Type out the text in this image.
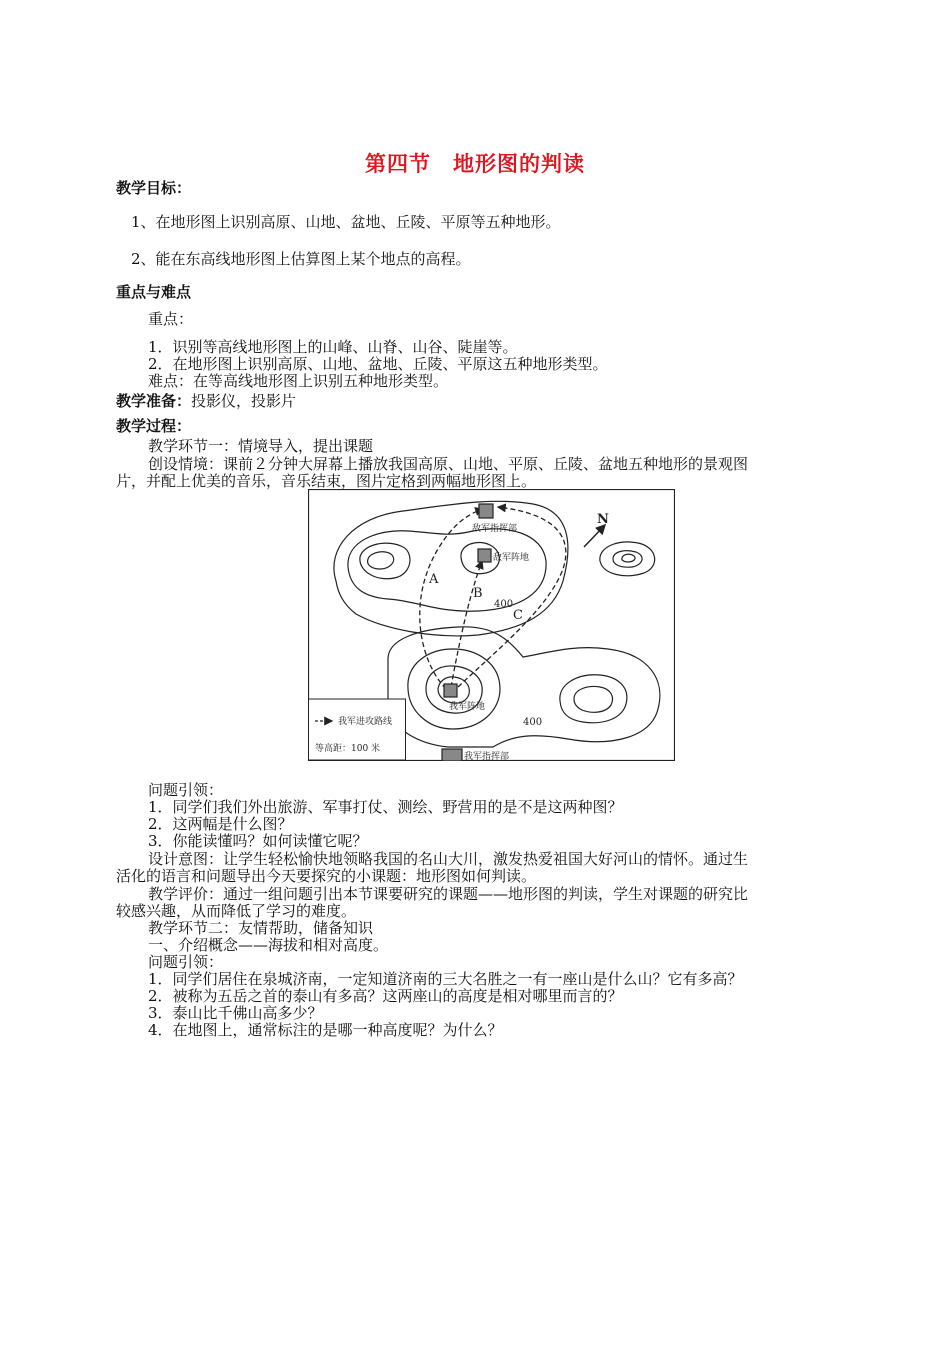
第四节　地形图的判读
教学目标：
1、在地形图上识别高原、山地、盆地、丘陵、平原等五种地形。
2、能在东高线地形图上估算图上某个地点的高程。
重点与难点
重点：
1．识别等高线地形图上的山峰、山脊、山谷、陡崖等。
2．在地形图上识别高原、山地、盆地、丘陵、平原这五种地形类型。
难点：在等高线地形图上识别五种地形类型。
教学准备：投影仪，投影片
教学过程：
教学环节一：情境导入，提出课题
创设情境：课前２分钟大屏幕上播放我国高原、山地、平原、丘陵、盆地五种地形的景观图
片，并配上优美的音乐，音乐结束，图片定格到两幅地形图上。
敌军指挥部
敌军阵地
我军阵地
我军指挥部
N
A
B
C
400
400
我军进攻路线
等高距：100 米
问题引领：
1．同学们我们外出旅游、军事打仗、测绘、野营用的是不是这两种图？
2．这两幅是什么图？
3．你能读懂吗？如何读懂它呢？
设计意图：让学生轻松愉快地领略我国的名山大川，激发热爱祖国大好河山的情怀。通过生
活化的语言和问题导出今天要探究的小课题：地形图如何判读。
教学评价：通过一组问题引出本节课要研究的课题——地形图的判读，学生对课题的研究比
较感兴趣，从而降低了学习的难度。
教学环节二：友情帮助，储备知识
一、介绍概念——海拔和相对高度。
问题引领：
1．同学们居住在泉城济南，一定知道济南的三大名胜之一有一座山是什么山？它有多高？
2．被称为五岳之首的泰山有多高？这两座山的高度是相对哪里而言的？
3．泰山比千佛山高多少？
4．在地图上，通常标注的是哪一种高度呢？为什么？
